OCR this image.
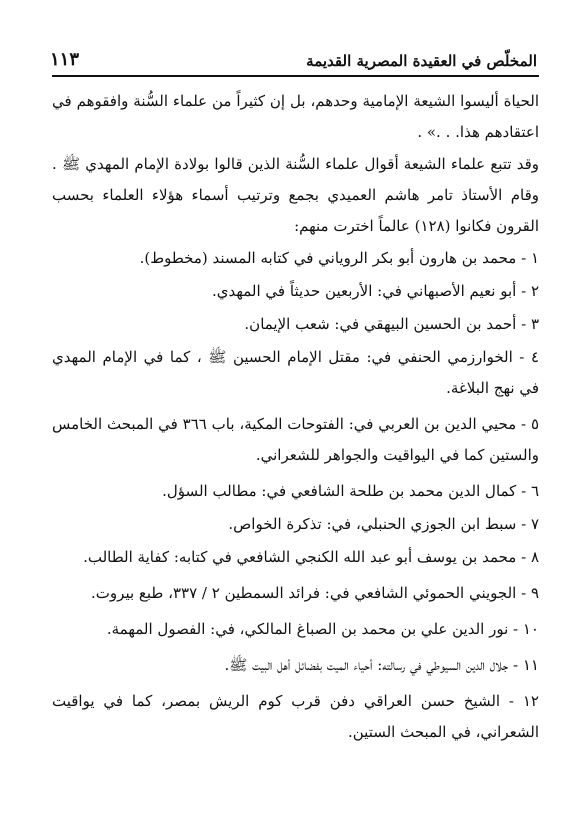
المخلّص في العقيدة المصرية القديمة
١١٣

الحياة أليسوا الشيعة الإمامية وحدهم، بل إن كثيراً من علماء السُّنة وافقوهم في اعتقادهم هذا. . .» .

وقد تتبع علماء الشيعة أقوال علماء السُّنة الذين قالوا بولادة الإمام المهدي ﷺ . وقام الأستاذ تامر هاشم العميدي بجمع وترتيب أسماء هؤلاء العلماء بحسب القرون فكانوا (١٢٨) عالماً اخترت منهم:

١ - محمد بن هارون أبو بكر الروياني في كتابه المسند (مخطوط).

٢ - أبو نعيم الأصبهاني في: الأربعين حديثاً في المهدي.

٣ - أحمد بن الحسين البيهقي في: شعب الإيمان.

٤ - الخوارزمي الحنفي في: مقتل الإمام الحسين ﷺ ، كما في الإمام المهدي في نهج البلاغة.

٥ - محيي الدين بن العربي في: الفتوحات المكية، باب ٣٦٦ في المبحث الخامس والستين كما في اليواقيت والجواهر للشعراني.

٦ - كمال الدين محمد بن طلحة الشافعي في: مطالب السؤل.

٧ - سبط ابن الجوزي الحنبلي، في: تذكرة الخواص.

٨ - محمد بن يوسف أبو عبد الله الكنجي الشافعي في كتابه: كفاية الطالب.

٩ - الجويني الحموئي الشافعي في: فرائد السمطين ٢ / ٣٣٧، طبع بيروت.

١٠ - نور الدين علي بن محمد بن الصباغ المالكي، في: الفصول المهمة.

١١ - جلال الدين السيوطي في رسالته: أحياء الميت بفضائل أهل البيت ﷺ.

١٢ - الشيخ حسن العراقي دفن قرب كوم الريش بمصر، كما في يواقيت الشعراني، في المبحث الستين.
